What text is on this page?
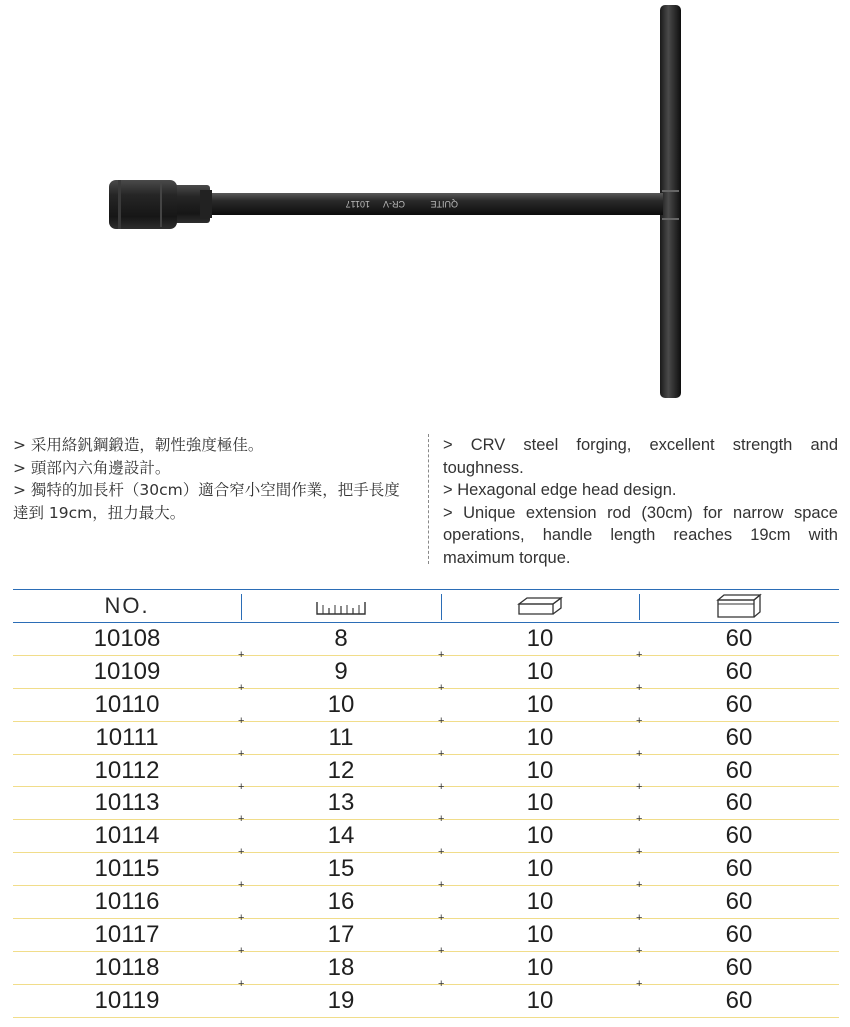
QUITE
CR-V
10117

> 采用絡釩鋼鍛造，韌性強度極佳。

> 頭部內六角邊設計。

> 獨特的加長杆（30cm）適合窄小空間作業，把手長度達到 19cm，扭力最大。

> CRV steel forging, excellent strength and toughness.

> Hexagonal edge head design.

> Unique extension rod (30cm) for narrow space operations, handle length reaches 19cm with maximum torque.

NO.
10108	8	10	60
+	+	+
10109	9	10	60
+	+	+
10110	10	10	60
+	+	+
10111	11	10	60
+	+	+
10112	12	10	60
+	+	+
10113	13	10	60
+	+	+
10114	14	10	60
+	+	+
10115	15	10	60
+	+	+
10116	16	10	60
+	+	+
10117	17	10	60
+	+	+
10118	18	10	60
+	+	+
10119	19	10	60
